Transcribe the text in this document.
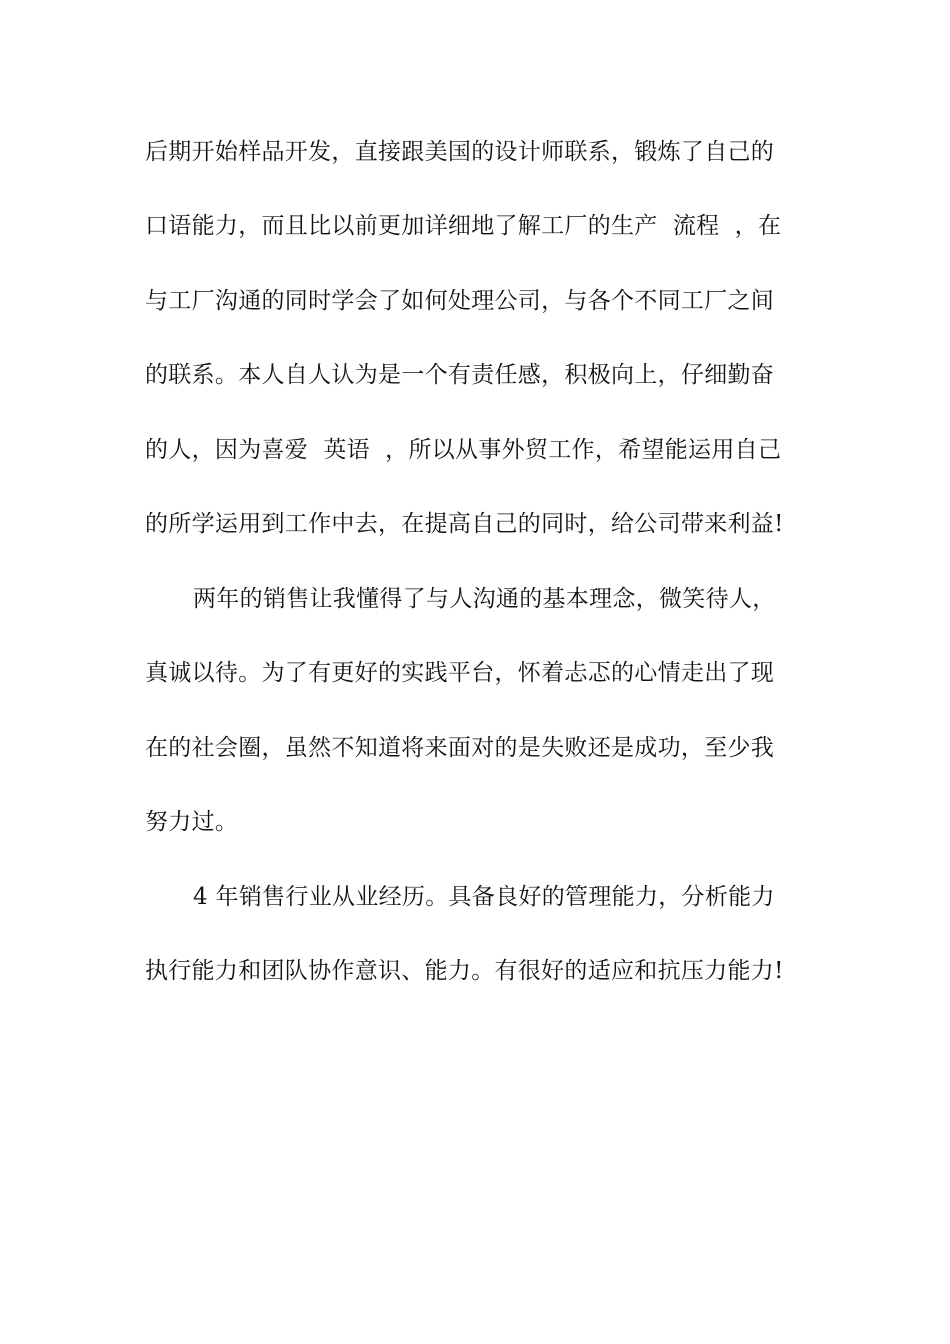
后期开始样品开发，直接跟美国的设计师联系，锻炼了自己的
口语能力，而且比以前更加详细地了解工厂的生产  流程  ，在
与工厂沟通的同时学会了如何处理公司，与各个不同工厂之间
的联系。本人自人认为是一个有责任感，积极向上，仔细勤奋
的人，因为喜爱  英语  ，所以从事外贸工作，希望能运用自己
的所学运用到工作中去，在提高自己的同时，给公司带来利益!
两年的销售让我懂得了与人沟通的基本理念，微笑待人，
真诚以待。为了有更好的实践平台，怀着忐忑的心情走出了现
在的社会圈，虽然不知道将来面对的是失败还是成功，至少我
努力过。
4 年销售行业从业经历。具备良好的管理能力，分析能力
执行能力和团队协作意识、能力。有很好的适应和抗压力能力!
